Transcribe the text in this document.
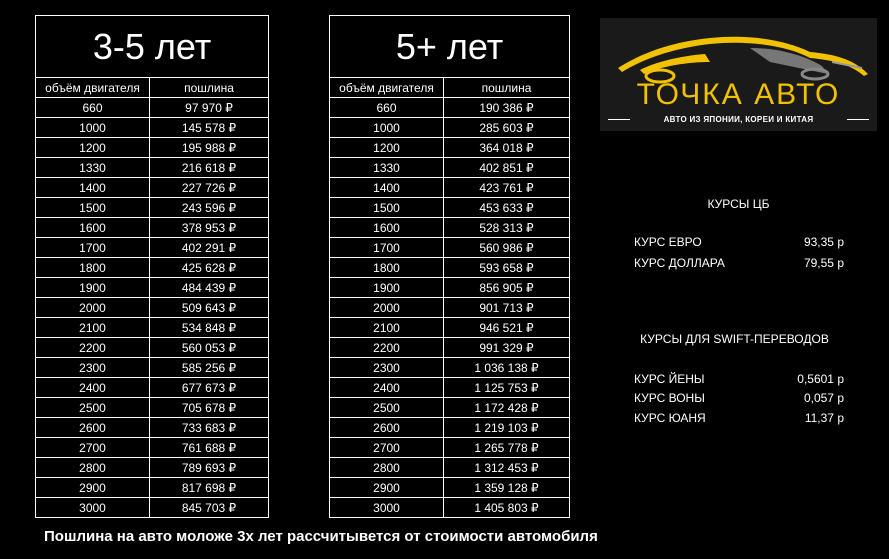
3-5 лет	
объём двигателя	пошлина
660	97 970 ₽
1000	145 578 ₽
1200	195 988 ₽
1330	216 618 ₽
1400	227 726 ₽
1500	243 596 ₽
1600	378 953 ₽
1700	402 291 ₽
1800	425 628 ₽
1900	484 439 ₽
2000	509 643 ₽
2100	534 848 ₽
2200	560 053 ₽
2300	585 256 ₽
2400	677 673 ₽
2500	705 678 ₽
2600	733 683 ₽
2700	761 688 ₽
2800	789 693 ₽
2900	817 698 ₽
3000	845 703 ₽
5+ лет	
объём двигателя	пошлина
660	190 386 ₽
1000	285 603 ₽
1200	364 018 ₽
1330	402 851 ₽
1400	423 761 ₽
1500	453 633 ₽
1600	528 313 ₽
1700	560 986 ₽
1800	593 658 ₽
1900	856 905 ₽
2000	901 713 ₽
2100	946 521 ₽
2200	991 329 ₽
2300	1 036 138 ₽
2400	1 125 753 ₽
2500	1 172 428 ₽
2600	1 219 103 ₽
2700	1 265 778 ₽
2800	1 312 453 ₽
2900	1 359 128 ₽
3000	1 405 803 ₽
ТОЧКА АВТО
АВТО ИЗ ЯПОНИИ, КОРЕИ И КИТАЯ
КУРСЫ ЦБ
КУРС ЕВРО	93,35 р
КУРС ДОЛЛАРА	79,55 р
КУРСЫ ДЛЯ SWIFT-ПЕРЕВОДОВ
КУРС ЙЕНЫ	0,5601 р
КУРС ВОНЫ	0,057 р
КУРС ЮАНЯ	11,37 р
Пошлина на авто моложе 3х лет рассчитывется от стоимости автомобиля
